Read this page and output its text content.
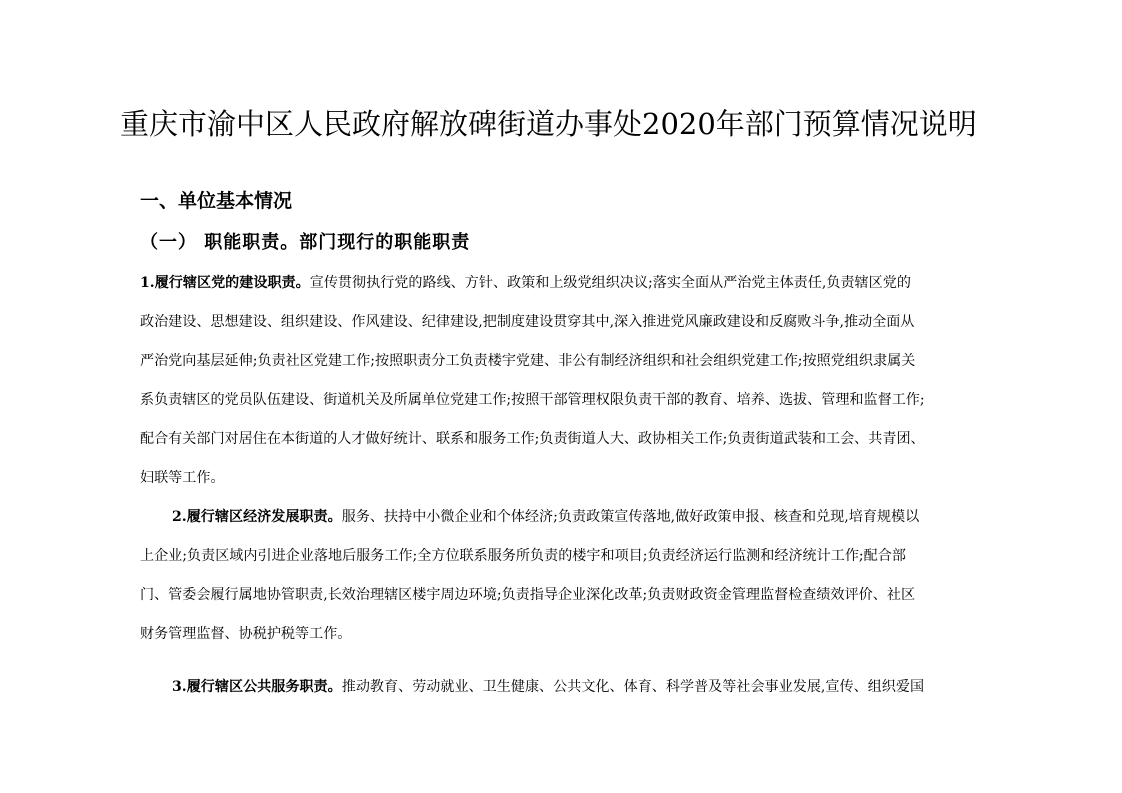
重庆市渝中区人民政府解放碑街道办事处2020年部门预算情况说明
一、单位基本情况
（一） 职能职责。部门现行的职能职责
1.履行辖区党的建设职责。宣传贯彻执行党的路线、方针、政策和上级党组织决议;落实全面从严治党主体责任,负责辖区党的
政治建设、思想建设、组织建设、作风建设、纪律建设,把制度建设贯穿其中,深入推进党风廉政建设和反腐败斗争,推动全面从
严治党向基层延伸;负责社区党建工作;按照职责分工负责楼宇党建、非公有制经济组织和社会组织党建工作;按照党组织隶属关
系负责辖区的党员队伍建设、街道机关及所属单位党建工作;按照干部管理权限负责干部的教育、培养、选拔、管理和监督工作;
配合有关部门对居住在本街道的人才做好统计、联系和服务工作;负责街道人大、政协相关工作;负责街道武装和工会、共青团、
妇联等工作。
2.履行辖区经济发展职责。服务、扶持中小微企业和个体经济;负责政策宣传落地,做好政策申报、核查和兑现,培育规模以
上企业;负责区域内引进企业落地后服务工作;全方位联系服务所负责的楼宇和项目;负责经济运行监测和经济统计工作;配合部
门、管委会履行属地协管职责,长效治理辖区楼宇周边环境;负责指导企业深化改革;负责财政资金管理监督检查绩效评价、社区
财务管理监督、协税护税等工作。
3.履行辖区公共服务职责。推动教育、劳动就业、卫生健康、公共文化、体育、科学普及等社会事业发展,宣传、组织爱国
